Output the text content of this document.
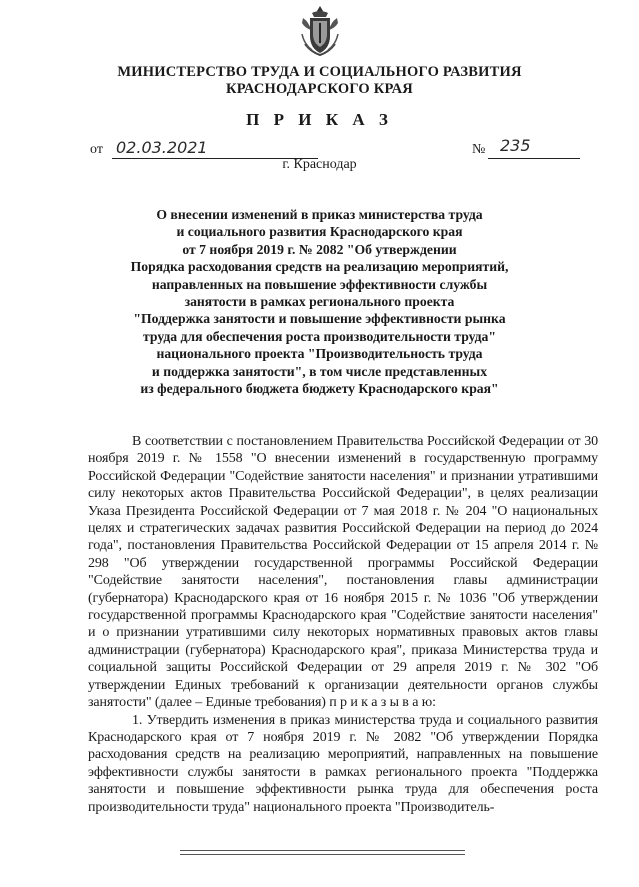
МИНИСТЕРСТВО ТРУДА И СОЦИАЛЬНОГО РАЗВИТИЯ
КРАСНОДАРСКОГО КРАЯ
П Р И К А З
от 02.03.2021	№ 235
г. Краснодар
О внесении изменений в приказ министерства труда
и социального развития Краснодарского края
от 7 ноября 2019 г. № 2082 "Об утверждении
Порядка расходования средств на реализацию мероприятий,
направленных на повышение эффективности службы
занятости в рамках регионального проекта
"Поддержка занятости и повышение эффективности рынка
труда для обеспечения роста производительности труда"
национального проекта "Производительность труда
и поддержка занятости", в том числе представленных
из федерального бюджета бюджету Краснодарского края"

В соответствии с постановлением Правительства Российской Федерации от 30 ноября 2019 г. № 1558 "О внесении изменений в государственную программу Российской Федерации "Содействие занятости населения" и признании утратившими силу некоторых актов Правительства Российской Федерации", в целях реализации Указа Президента Российской Федерации от 7 мая 2018 г. № 204 "О национальных целях и стратегических задачах развития Российской Федерации на период до 2024 года", постановления Правительства Российской Федерации от 15 апреля 2014 г. № 298 "Об утверждении государственной программы Российской Федерации "Содействие занятости населения", постановления главы администрации (губернатора) Краснодарского края от 16 ноября 2015 г. № 1036 "Об утверждении государственной программы Краснодарского края "Содействие занятости населения" и о признании утратившими силу некоторых нормативных правовых актов главы администрации (губернатора) Краснодарского края", приказа Министерства труда и социальной защиты Российской Федерации от 29 апреля 2019 г. № 302 "Об утверждении Единых требований к организации деятельности органов службы занятости" (далее – Единые требования) п р и к а з ы в а ю:

1. Утвердить изменения в приказ министерства труда и социального развития Краснодарского края от 7 ноября 2019 г. № 2082 "Об утверждении Порядка расходования средств на реализацию мероприятий, направленных на повышение эффективности службы занятости в рамках регионального проекта "Поддержка занятости и повышение эффективности рынка труда для обеспечения роста производительности труда" национального проекта "Производитель-
